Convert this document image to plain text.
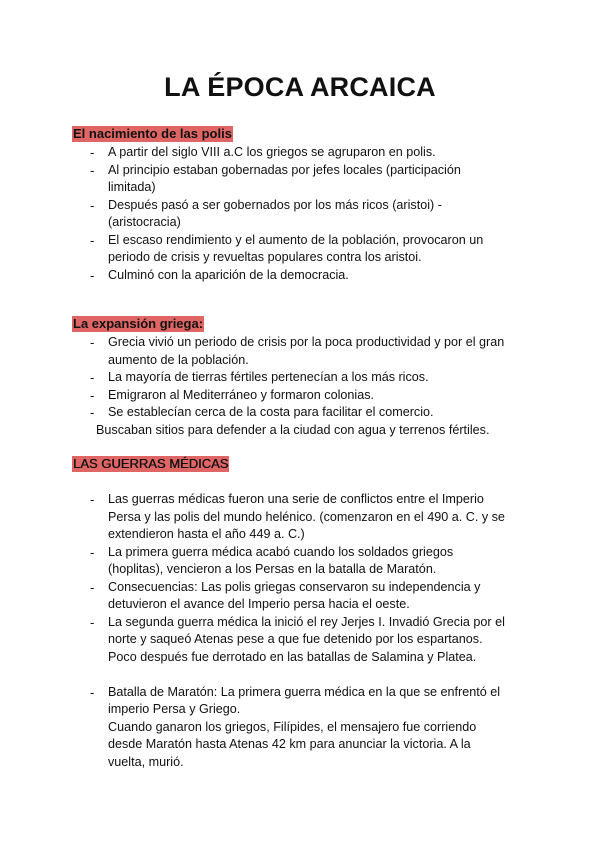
LA ÉPOCA ARCAICA
El nacimiento de las polis
- A partir del siglo VIII a.C los griegos se agruparon en polis.
- Al principio estaban gobernadas por jefes locales (participación
limitada)
- Después pasó a ser gobernados por los más ricos (aristoi) -
(aristocracia)
- El escaso rendimiento y el aumento de la población, provocaron un
periodo de crisis y revueltas populares contra los aristoi.
- Culminó con la aparición de la democracia.
La expansión griega:
- Grecia vivió un periodo de crisis por la poca productividad y por el gran
aumento de la población.
- La mayoría de tierras fértiles pertenecían a los más ricos.
- Emigraron al Mediterráneo y formaron colonias.
- Se establecían cerca de la costa para facilitar el comercio.
Buscaban sitios para defender a la ciudad con agua y terrenos fértiles.
LAS GUERRAS MÉDICAS
- Las guerras médicas fueron una serie de conflictos entre el Imperio
Persa y las polis del mundo helénico. (comenzaron en el 490 a. C. y se
extendieron hasta el año 449 a. C.)
- La primera guerra médica acabó cuando los soldados griegos
(hoplitas), vencieron a los Persas en la batalla de Maratón.
- Consecuencias: Las polis griegas conservaron su independencia y
detuvieron el avance del Imperio persa hacia el oeste.
- La segunda guerra médica la inició el rey Jerjes I. Invadió Grecia por el
norte y saqueó Atenas pese a que fue detenido por los espartanos.
Poco después fue derrotado en las batallas de Salamina y Platea.
- Batalla de Maratón: La primera guerra médica en la que se enfrentó el
imperio Persa y Griego.
Cuando ganaron los griegos, Filípides, el mensajero fue corriendo
desde Maratón hasta Atenas 42 km para anunciar la victoria. A la
vuelta, murió.
